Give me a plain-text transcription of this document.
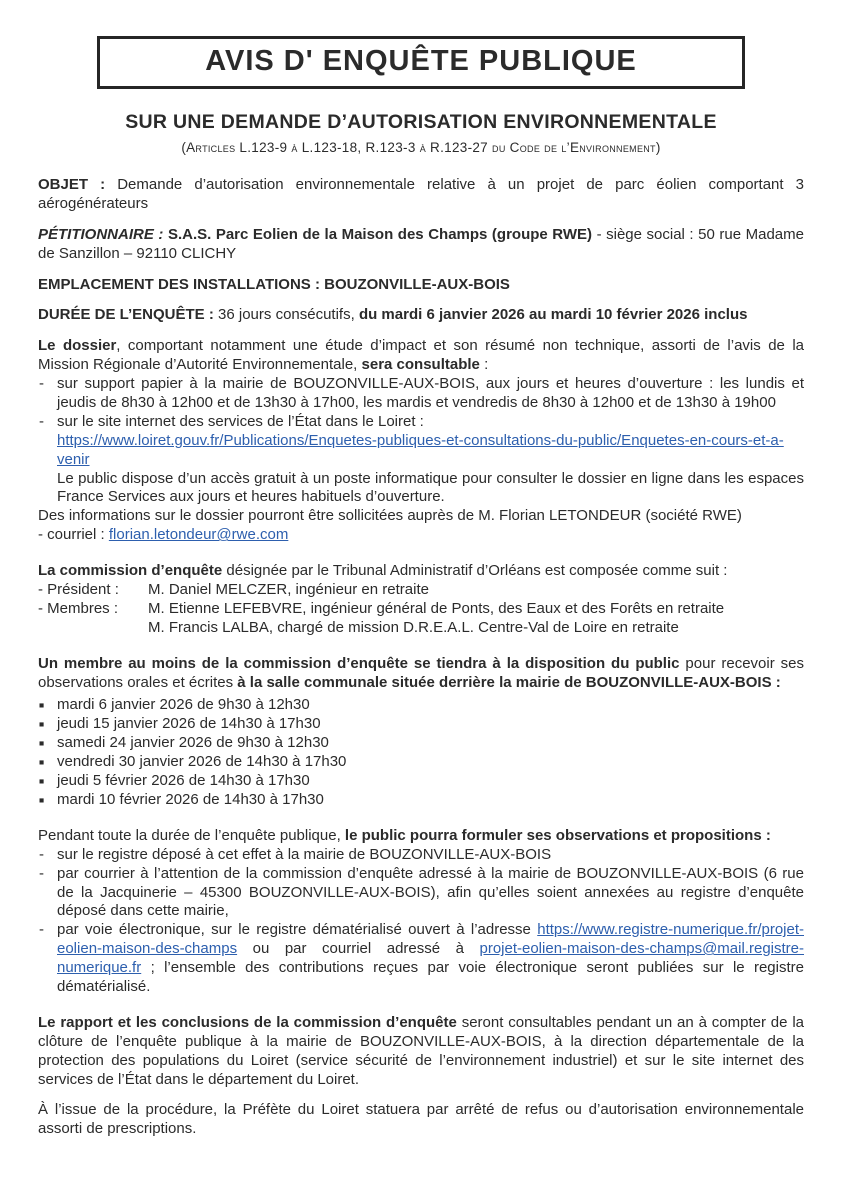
AVIS D' ENQUÊTE PUBLIQUE
SUR UNE DEMANDE D’AUTORISATION ENVIRONNEMENTALE
(Articles L.123-9 à L.123-18, R.123-3 à R.123-27 du Code de l’Environnement)
OBJET : Demande d’autorisation environnementale relative à un projet de parc éolien comportant 3 aérogénérateurs
PÉTITIONNAIRE : S.A.S. Parc Eolien de la Maison des Champs (groupe RWE) - siège social : 50 rue Madame de Sanzillon – 92110 CLICHY
EMPLACEMENT DES INSTALLATIONS : BOUZONVILLE-AUX-BOIS
DURÉE DE L’ENQUÊTE : 36 jours consécutifs, du mardi 6 janvier 2026 au mardi 10 février 2026 inclus
Le dossier, comportant notamment une étude d’impact et son résumé non technique, assorti de l’avis de la Mission Régionale d’Autorité Environnementale, sera consultable :
- sur support papier à la mairie de BOUZONVILLE-AUX-BOIS, aux jours et heures d’ouverture : les lundis et jeudis de 8h30 à 12h00 et de 13h30 à 17h00, les mardis et vendredis de 8h30 à 12h00 et de 13h30 à 19h00
- sur le site internet des services de l’État dans le Loiret :
https://www.loiret.gouv.fr/Publications/Enquetes-publiques-et-consultations-du-public/Enquetes-en-cours-et-a-venir
Le public dispose d’un accès gratuit à un poste informatique pour consulter le dossier en ligne dans les espaces France Services aux jours et heures habituels d’ouverture.
Des informations sur le dossier pourront être sollicitées auprès de M. Florian LETONDEUR (société RWE)
- courriel : florian.letondeur@rwe.com
La commission d’enquête désignée par le Tribunal Administratif d’Orléans est composée comme suit :
- Président : M. Daniel MELCZER, ingénieur en retraite
- Membres : M. Etienne LEFEBVRE, ingénieur général de Ponts, des Eaux et des Forêts en retraite
M. Francis LALBA, chargé de mission D.R.E.A.L. Centre-Val de Loire en retraite
Un membre au moins de la commission d’enquête se tiendra à la disposition du public pour recevoir ses observations orales et écrites à la salle communale située derrière la mairie de BOUZONVILLE-AUX-BOIS :
■ mardi 6 janvier 2026 de 9h30 à 12h30
■ jeudi 15 janvier 2026 de 14h30 à 17h30
■ samedi 24 janvier 2026 de 9h30 à 12h30
■ vendredi 30 janvier 2026 de 14h30 à 17h30
■ jeudi 5 février 2026 de 14h30 à 17h30
■ mardi 10 février 2026 de 14h30 à 17h30
Pendant toute la durée de l’enquête publique, le public pourra formuler ses observations et propositions :
- sur le registre déposé à cet effet à la mairie de BOUZONVILLE-AUX-BOIS
- par courrier à l’attention de la commission d’enquête adressé à la mairie de BOUZONVILLE-AUX-BOIS (6 rue de la Jacquinerie – 45300 BOUZONVILLE-AUX-BOIS), afin qu’elles soient annexées au registre d’enquête déposé dans cette mairie,
- par voie électronique, sur le registre dématérialisé ouvert à l’adresse https://www.registre-numerique.fr/projet-eolien-maison-des-champs ou par courriel adressé à projet-eolien-maison-des-champs@mail.registre-numerique.fr ; l’ensemble des contributions reçues par voie électronique seront publiées sur le registre dématérialisé.
Le rapport et les conclusions de la commission d’enquête seront consultables pendant un an à compter de la clôture de l’enquête publique à la mairie de BOUZONVILLE-AUX-BOIS, à la direction départementale de la protection des populations du Loiret (service sécurité de l’environnement industriel) et sur le site internet des services de l’État dans le département du Loiret.
À l’issue de la procédure, la Préfète du Loiret statuera par arrêté de refus ou d’autorisation environnementale assorti de prescriptions.
